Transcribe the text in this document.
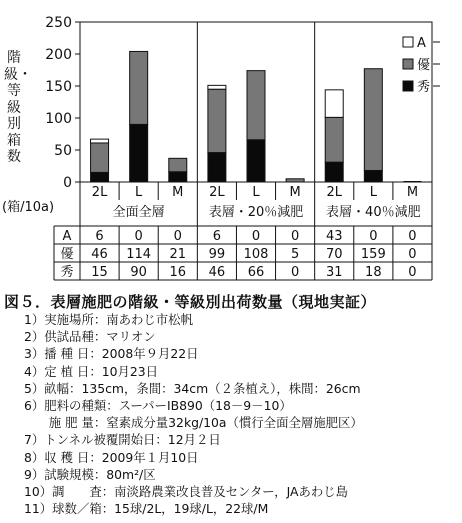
0
50
100
150
200
250
A
優
秀
2L L M 2L L M 2L L M
全面全層	表層・20％減肥 表層・40％減肥
A 6 0 0 6 0 0 43 0 0
優 46 114 21 99 108 5 70 159 0
秀 15 90 16 46 66 0 31 18 0
階級・等級別箱数
(箱/10a)
図５．表層施肥の階級・等級別出荷数量（現地実証）
1）実施場所：南あわじ市松帆
2）供試品種：マリオン
3）播 種 日：2008年９月22日
4）定 植 日：10月23日
5）畝幅：135cm，条間：34cm（２条植え），株間：26cm
6）肥料の種類：スーパーIB890（18－9－10）
　　施 肥 量：窒素成分量32kg/10a（慣行全面全層施肥区）
7）トンネル被覆開始日：12月２日
8）収 穫 日：2009年１月10日
9）試験規模：80m²/区
10）調　　査：南淡路農業改良普及センター，JAあわじ島
11）球数／箱：15球/2L，19球/L，22球/M
